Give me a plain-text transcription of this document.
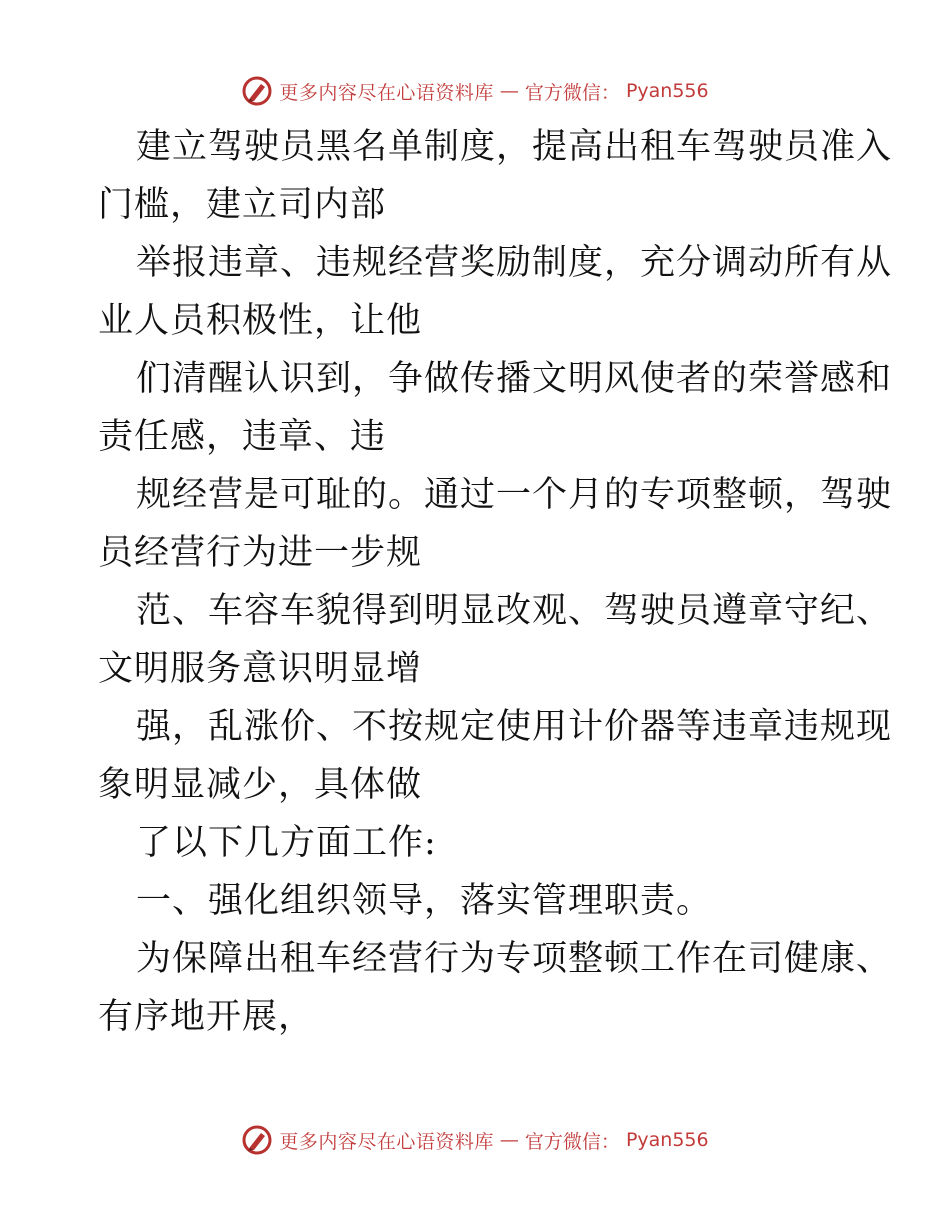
更多内容尽在心语资料库 — 官方微信： Pyan556
建立驾驶员黑名单制度，提高出租车驾驶员准入
门槛，建立司内部
举报违章、违规经营奖励制度，充分调动所有从
业人员积极性，让他
们清醒认识到，争做传播文明风使者的荣誉感和
责任感，违章、违
规经营是可耻的。通过一个月的专项整顿，驾驶
员经营行为进一步规
范、车容车貌得到明显改观、驾驶员遵章守纪、
文明服务意识明显增
强，乱涨价、不按规定使用计价器等违章违规现
象明显减少，具体做
了以下几方面工作:
一、强化组织领导，落实管理职责。
为保障出租车经营行为专项整顿工作在司健康、
有序地开展，
更多内容尽在心语资料库 — 官方微信： Pyan556
